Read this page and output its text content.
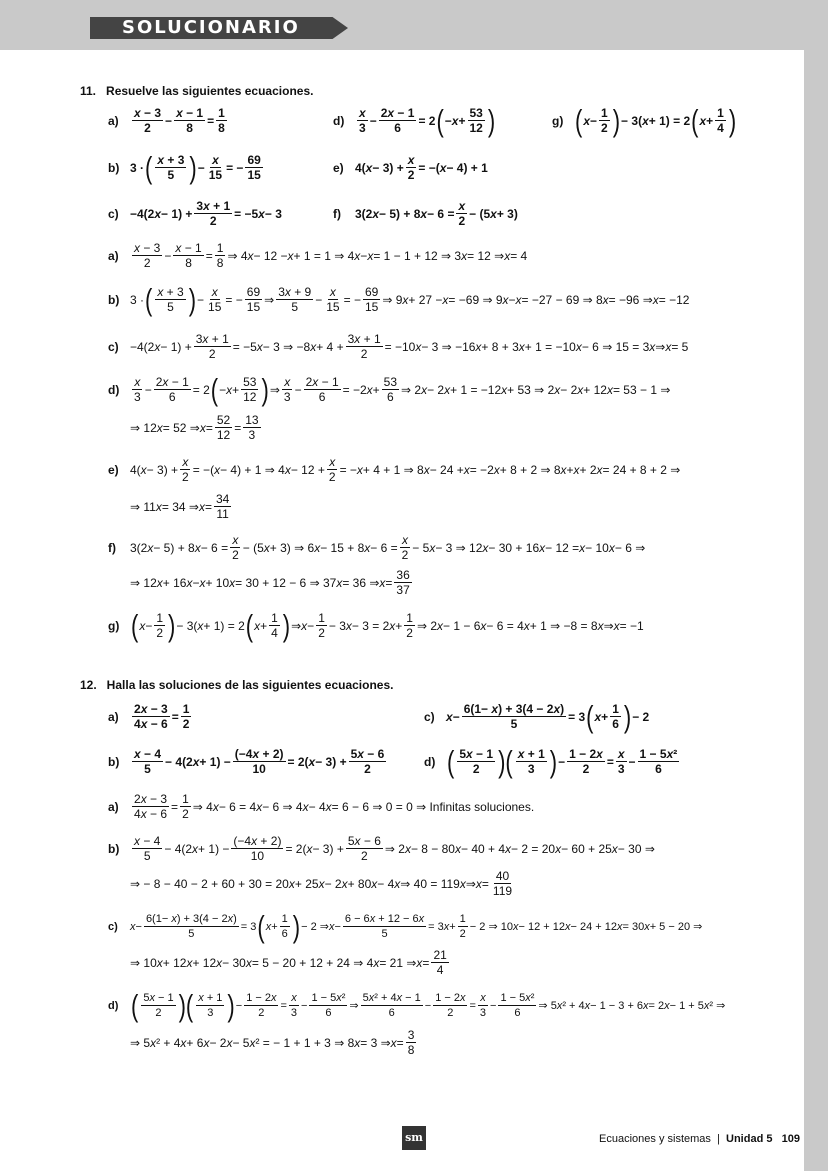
SOLUCIONARIO
11.   Resuelve las siguientes ecuaciones.
a)
x − 3
2
−
x − 1
8
=
1
8
d)
x
3
−
2x − 1
6
= 2 ( − x +
53
12 )	g) ( x −
1
2 ) − 3( x + 1) = 2 ( x +
1
4 )
b) 3 · ( x + 3
5 ) −
x
15
= −
69
15
e) 4( x − 3) +
x
2
= −( x − 4) + 1
c) −4(2 x − 1) +
3x + 1
2
= −5 x − 3	f)	3(2 x − 5) + 8 x − 6 =
x
2
− (5 x + 3)
a)
x − 3
2
−
x − 1
8
=
1
8
⇒ 4 x − 12 − x + 1 = 1 ⇒ 4 x − x = 1 − 1 + 12 ⇒ 3 x = 12 ⇒ x = 4
b) 3 · ( x + 3
5 ) −
x
15
= −
69
15
⇒
3x + 9
5
−
x
15
= −
69
15
⇒ 9 x + 27 − x = −69 ⇒ 9 x − x = −27 − 69 ⇒ 8 x = −96 ⇒ x = −12
c) −4(2 x − 1) +
3x + 1
2
= −5 x − 3 ⇒ −8 x + 4 +
3x + 1
2
= −10 x − 3 ⇒ −16 x + 8 + 3 x + 1 = −10 x − 6 ⇒ 15 = 3 x ⇒ x = 5
d)
x
3
−
2x − 1
6
= 2 ( − x +
53
12 ) ⇒
x
3
−
2x − 1
6
= −2 x +
53
6
⇒ 2 x − 2 x + 1 = −12 x + 53 ⇒ 2 x − 2 x + 12 x = 53 − 1 ⇒
⇒ 12 x = 52 ⇒ x =
52
12
=
13
3
e) 4( x − 3) +
x
2
= −( x − 4) + 1 ⇒ 4 x − 12 +
x
2
= − x + 4 + 1 ⇒ 8 x − 24 + x = −2 x + 8 + 2 ⇒ 8 x + x + 2 x = 24 + 8 + 2 ⇒
⇒ 11 x = 34 ⇒ x =
34
11
f)	3(2 x − 5) + 8 x − 6 =
x
2
− (5 x + 3) ⇒ 6 x − 15 + 8 x − 6 =
x
2
− 5 x − 3 ⇒ 12 x − 30 + 16 x − 12 = x − 10 x − 6 ⇒
⇒ 12 x + 16 x − x + 10 x = 30 + 12 − 6 ⇒ 37 x = 36 ⇒ x =
36
37
g) ( x −
1
2 ) − 3( x + 1) = 2 ( x +
1
4 ) ⇒ x −
1
2
− 3 x − 3 = 2 x +
1
2
⇒ 2 x − 1 − 6 x − 6 = 4 x + 1 ⇒ −8 = 8 x ⇒ x = −1
12.   Halla las soluciones de las siguientes ecuaciones.
a)
2x − 3
4x − 6
=
1
2
c) x −
6(1− x) + 3(4 − 2x)
5
= 3 ( x +
1
6 ) − 2
b)
x − 4
5
− 4(2 x + 1) −
(−4x + 2)
10
= 2( x − 3) +
5x − 6
2
d) ( 5x − 1
2 )( x + 1
3 ) −
1 − 2x
2
=
x
3
−
1 − 5x²
6
a)
2x − 3
4x − 6
=
1
2
⇒ 4 x − 6 = 4 x − 6 ⇒ 4 x − 4 x = 6 − 6 ⇒ 0 = 0 ⇒ Infinitas soluciones.
b)
x − 4
5
− 4(2 x + 1) −
(−4x + 2)
10
= 2( x − 3) +
5x − 6
2
⇒ 2 x − 8 − 80 x − 40 + 4 x − 2 = 20 x − 60 + 25 x − 30 ⇒
⇒ − 8 − 40 − 2 + 60 + 30 = 20 x + 25 x − 2 x + 80 x − 4 x ⇒ 40 = 119 x ⇒ x =
40
119
c)	x −
6(1− x) + 3(4 − 2x)
5
= 3 ( x +
1
6 ) − 2 ⇒ x −
6 − 6x + 12 − 6x
5
= 3 x +
1
2
− 2 ⇒ 10 x − 12 + 12 x − 24 + 12 x = 30 x + 5 − 20 ⇒
⇒ 10 x + 12 x + 12 x − 30 x = 5 − 20 + 12 + 24 ⇒ 4 x = 21 ⇒ x =
21
4
d) ( 5x − 1
2 )( x + 1
3 ) −
1 − 2x
2
=
x
3
−
1 − 5x²
6
⇒
5x² + 4x − 1
6
−
1 − 2x
2
=
x
3
−
1 − 5x²
6
⇒ 5 x ² + 4 x − 1 − 3 + 6 x = 2 x − 1 + 5 x ² ⇒
⇒ 5 x ² + 4 x + 6 x − 2 x − 5 x ² = − 1 + 1 + 3 ⇒ 8 x = 3 ⇒ x =
3
8
sm	Ecuaciones y sistemas | Unidad 5 109
